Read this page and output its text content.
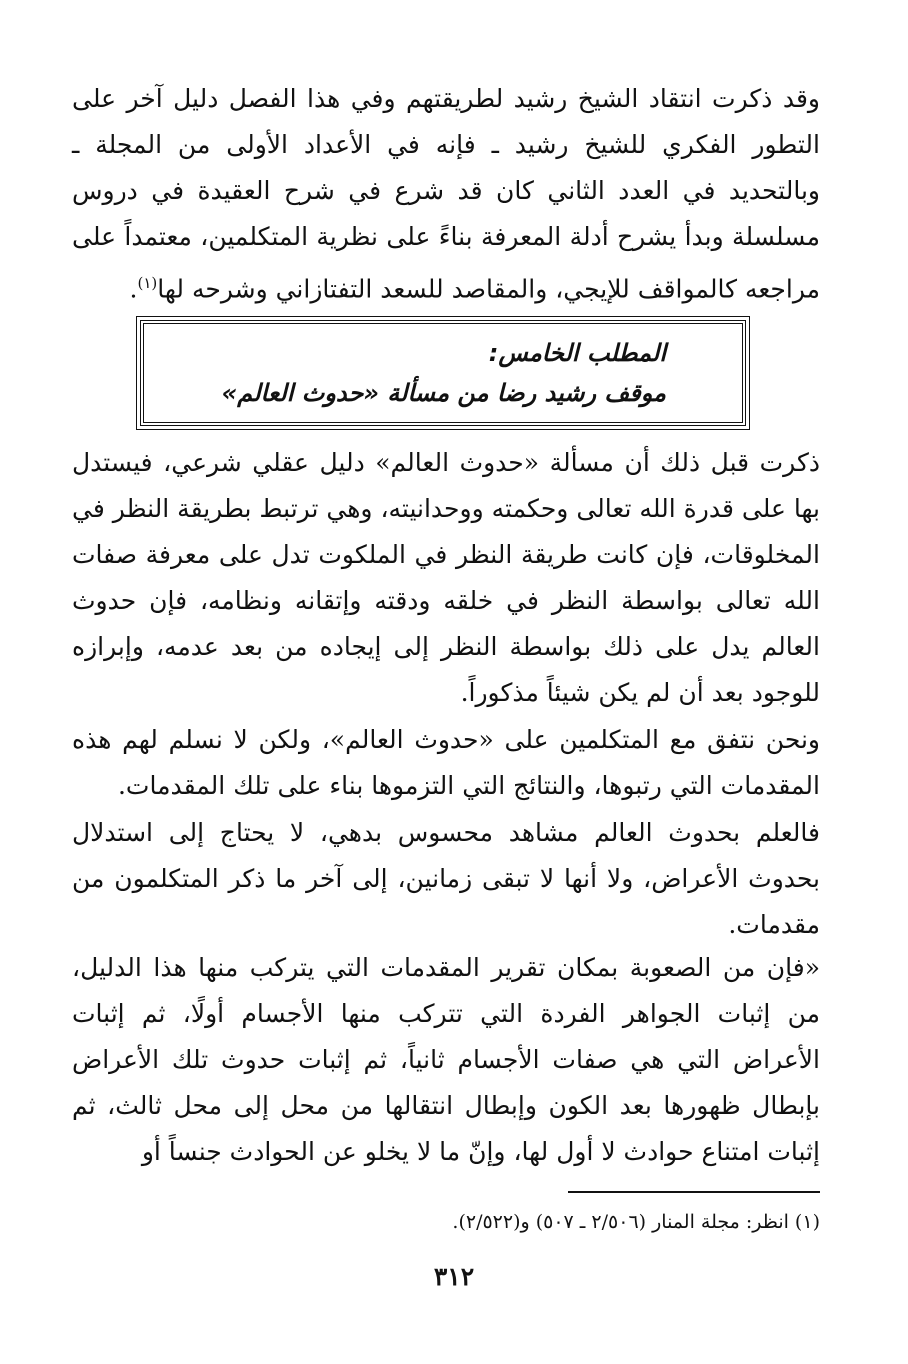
وقد ذكرت انتقاد الشيخ رشيد لطريقتهم وفي هذا الفصل دليل آخر على التطور الفكري للشيخ رشيد ـ فإنه في الأعداد الأولى من المجلة ـ وبالتحديد في العدد الثاني كان قد شرع في شرح العقيدة في دروس مسلسلة وبدأ يشرح أدلة المعرفة بناءً على نظرية المتكلمين، معتمداً على مراجعه كالمواقف للإيجي، والمقاصد للسعد التفتازاني وشرحه لها$^{(١)}$.

المطلب الخامس:
موقف رشيد رضا من مسألة «حدوث العالم»

ذكرت قبل ذلك أن مسألة «حدوث العالم» دليل عقلي شرعي، فيستدل بها على قدرة الله تعالى وحكمته ووحدانيته، وهي ترتبط بطريقة النظر في المخلوقات، فإن كانت طريقة النظر في الملكوت تدل على معرفة صفات الله تعالى بواسطة النظر في خلقه ودقته وإتقانه ونظامه، فإن حدوث العالم يدل على ذلك بواسطة النظر إلى إيجاده من بعد عدمه، وإبرازه للوجود بعد أن لم يكن شيئاً مذكوراً.

ونحن نتفق مع المتكلمين على «حدوث العالم»، ولكن لا نسلم لهم هذه المقدمات التي رتبوها، والنتائج التي التزموها بناء على تلك المقدمات.

فالعلم بحدوث العالم مشاهد محسوس بدهي، لا يحتاج إلى استدلال بحدوث الأعراض، ولا أنها لا تبقى زمانين، إلى آخر ما ذكر المتكلمون من مقدمات.

«فإن من الصعوبة بمكان تقرير المقدمات التي يتركب منها هذا الدليل، من إثبات الجواهر الفردة التي تتركب منها الأجسام أولًا، ثم إثبات الأعراض التي هي صفات الأجسام ثانياً، ثم إثبات حدوث تلك الأعراض بإبطال ظهورها بعد الكون وإبطال انتقالها من محل إلى محل ثالث، ثم إثبات امتناع حوادث لا أول لها، وإنّ ما لا يخلو عن الحوادث جنساً أو

(١) انظر: مجلة المنار (٢/٥٠٦ ـ ٥٠٧) و(٢/٥٢٢).
٣١٢
